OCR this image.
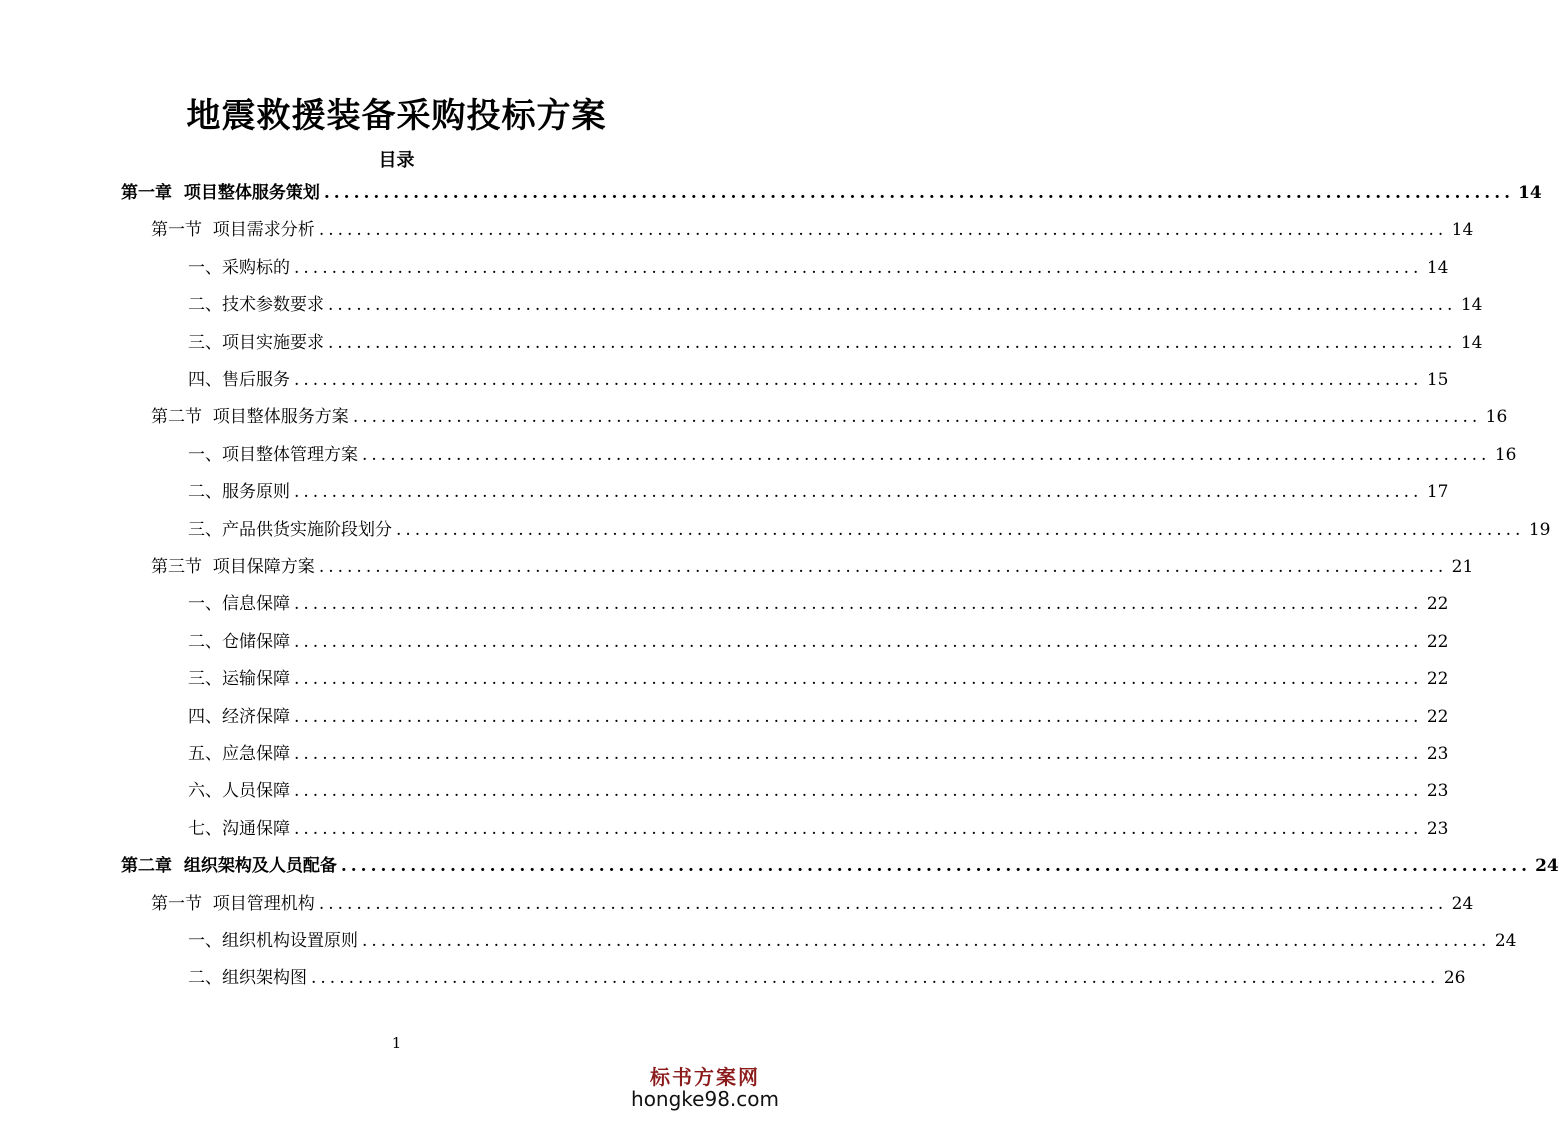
地震救援装备采购投标方案
目录
第一章  项目整体服务策划 ........................................................................................................................ 14
第一节  项目需求分析 ........................................................................................................................ 14
一、采购标的 ........................................................................................................................ 14
二、技术参数要求 ........................................................................................................................ 14
三、项目实施要求 ........................................................................................................................ 14
四、售后服务 ........................................................................................................................ 15
第二节  项目整体服务方案 ........................................................................................................................ 16
一、项目整体管理方案 ........................................................................................................................ 16
二、服务原则 ........................................................................................................................ 17
三、产品供货实施阶段划分 ........................................................................................................................ 19
第三节  项目保障方案 ........................................................................................................................ 21
一、信息保障 ........................................................................................................................ 22
二、仓储保障 ........................................................................................................................ 22
三、运输保障 ........................................................................................................................ 22
四、经济保障 ........................................................................................................................ 22
五、应急保障 ........................................................................................................................ 23
六、人员保障 ........................................................................................................................ 23
七、沟通保障 ........................................................................................................................ 23
第二章  组织架构及人员配备 ........................................................................................................................ 24
第一节  项目管理机构 ........................................................................................................................ 24
一、组织机构设置原则 ........................................................................................................................ 24
二、组织架构图 ........................................................................................................................ 26
1
标书方案网
hongke98.com
